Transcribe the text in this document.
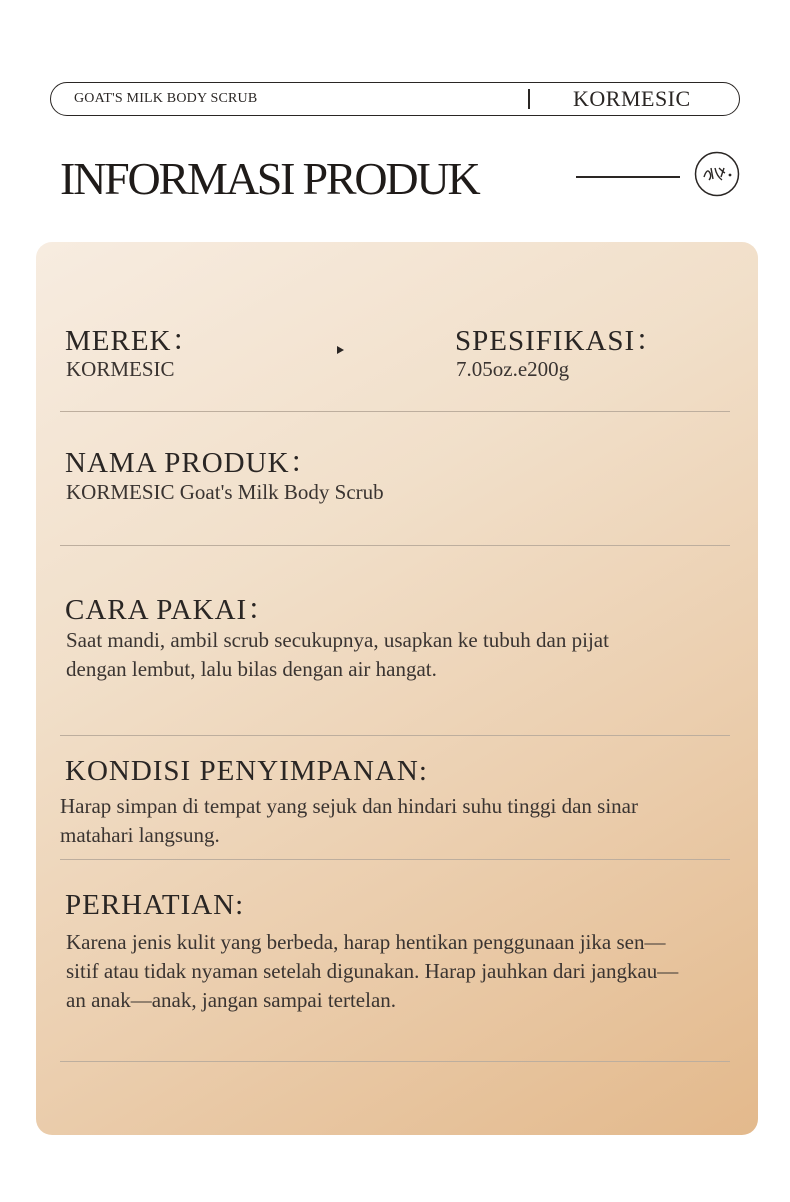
GOAT'S MILK BODY SCRUB	KORMESIC
INFORMASI PRODUK
MEREK：
KORMESIC
SPESIFIKASI：
7.05oz.e200g
NAMA PRODUK：
KORMESIC Goat's Milk Body Scrub
CARA PAKAI：
Saat mandi, ambil scrub secukupnya, usapkan ke tubuh dan pijat
dengan lembut, lalu bilas dengan air hangat.
KONDISI PENYIMPANAN:
Harap simpan di tempat yang sejuk dan hindari suhu tinggi dan sinar
matahari langsung.
PERHATIAN:
Karena jenis kulit yang berbeda, harap hentikan penggunaan jika sen—
sitif atau tidak nyaman setelah digunakan. Harap jauhkan dari jangkau—
an anak—anak, jangan sampai tertelan.
